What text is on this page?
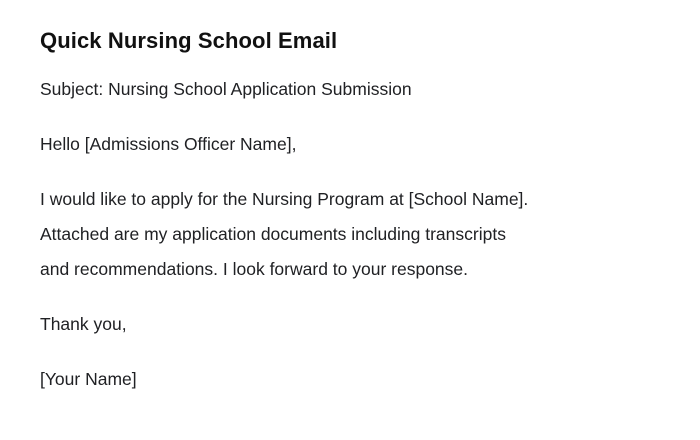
Quick Nursing School Email

Subject: Nursing School Application Submission

Hello [Admissions Officer Name],

I would like to apply for the Nursing Program at [School Name].
Attached are my application documents including transcripts
and recommendations. I look forward to your response.

Thank you,

[Your Name]
